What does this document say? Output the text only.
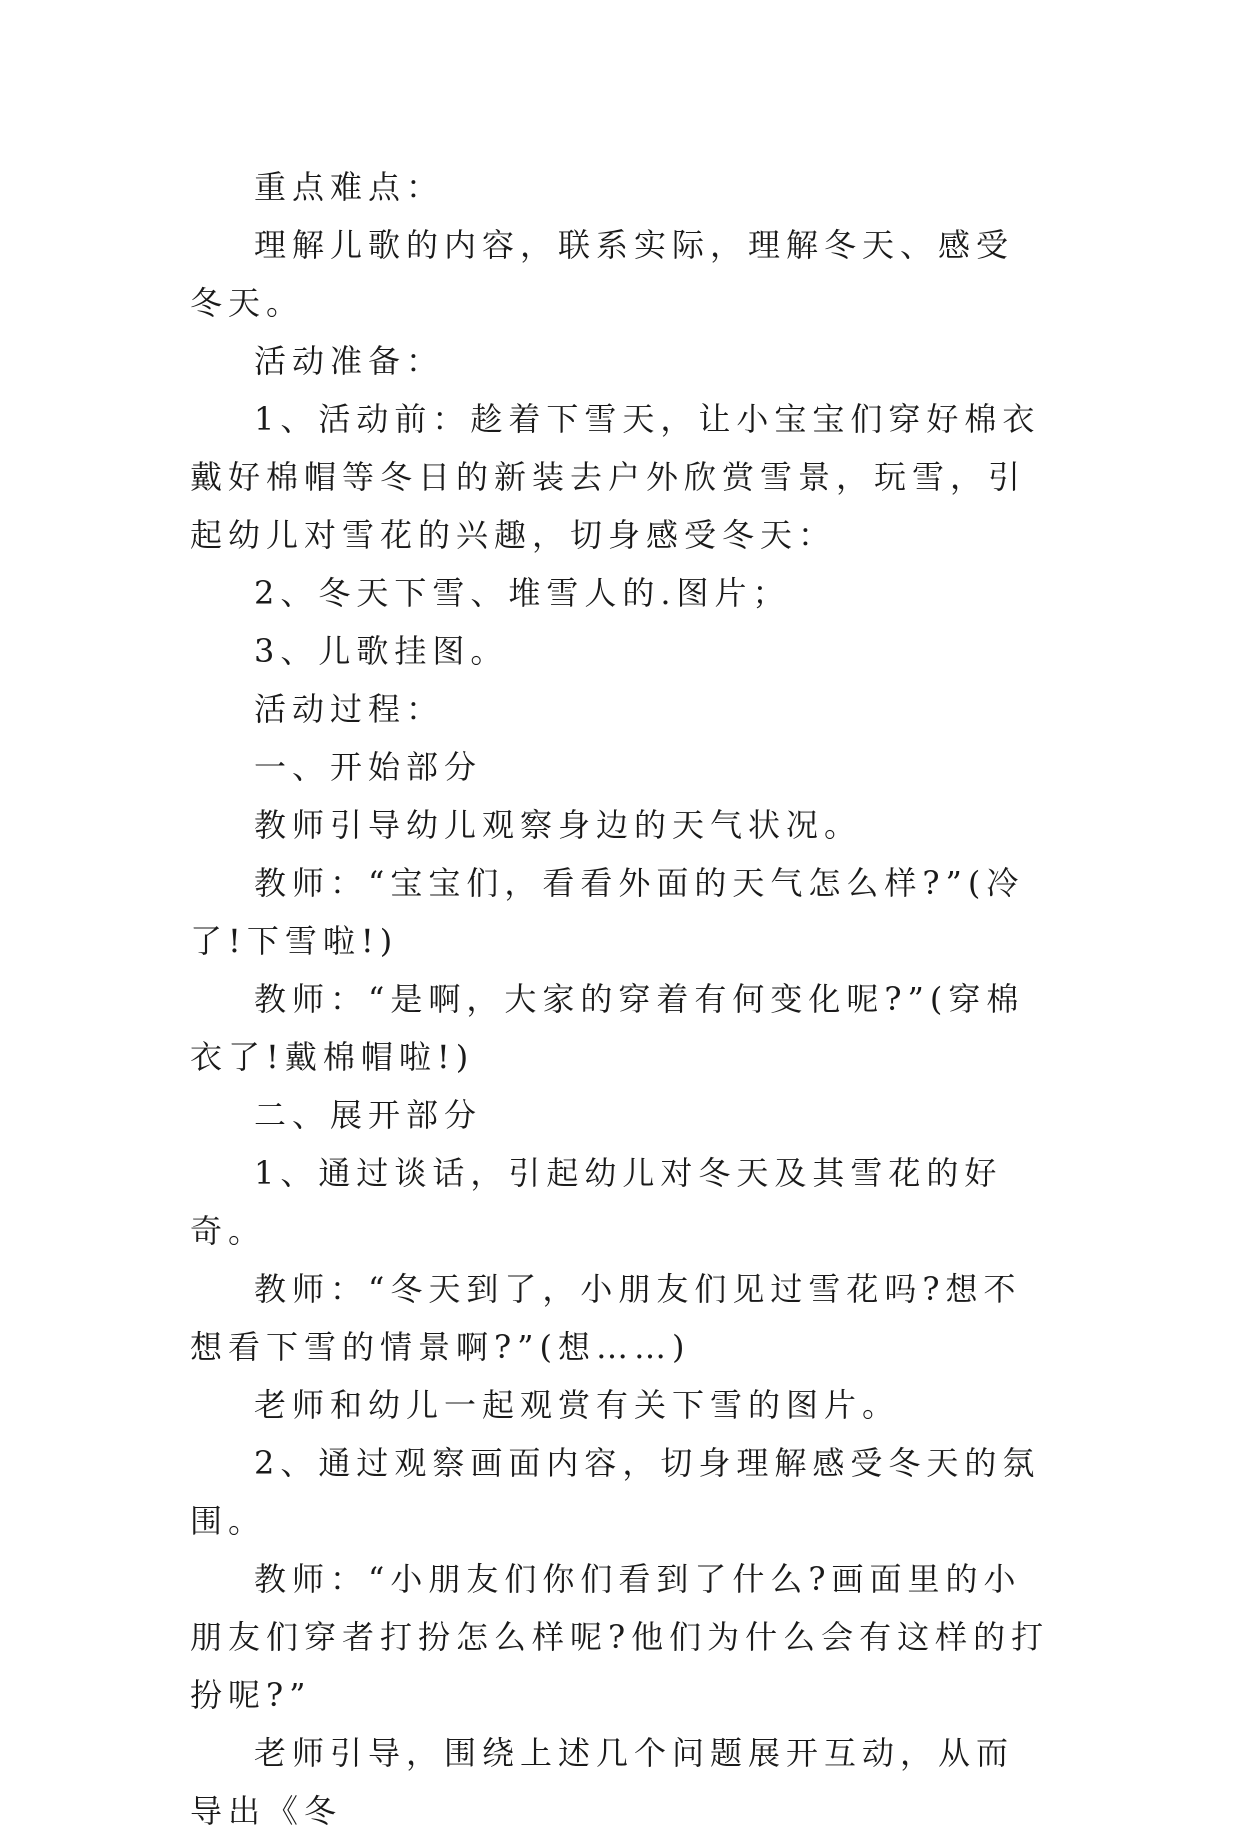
重点难点：

理解儿歌的内容，联系实际，理解冬天、感受冬天。

活动准备：

1、活动前：趁着下雪天，让小宝宝们穿好棉衣戴好棉帽等冬日的新装去户外欣赏雪景，玩雪，引起幼儿对雪花的兴趣，切身感受冬天：

2、冬天下雪、堆雪人的.图片；

3、儿歌挂图。

活动过程：

一、开始部分

教师引导幼儿观察身边的天气状况。

教师：“宝宝们，看看外面的天气怎么样?”(冷了!下雪啦!)

教师：“是啊，大家的穿着有何变化呢?”(穿棉衣了!戴棉帽啦!)

二、展开部分

1、通过谈话，引起幼儿对冬天及其雪花的好奇。

教师：“冬天到了，小朋友们见过雪花吗?想不想看下雪的情景啊?”(想……)

老师和幼儿一起观赏有关下雪的图片。

2、通过观察画面内容，切身理解感受冬天的氛围。

教师：“小朋友们你们看到了什么?画面里的小朋友们穿者打扮怎么样呢?他们为什么会有这样的打扮呢?”

老师引导，围绕上述几个问题展开互动，从而导出《冬
